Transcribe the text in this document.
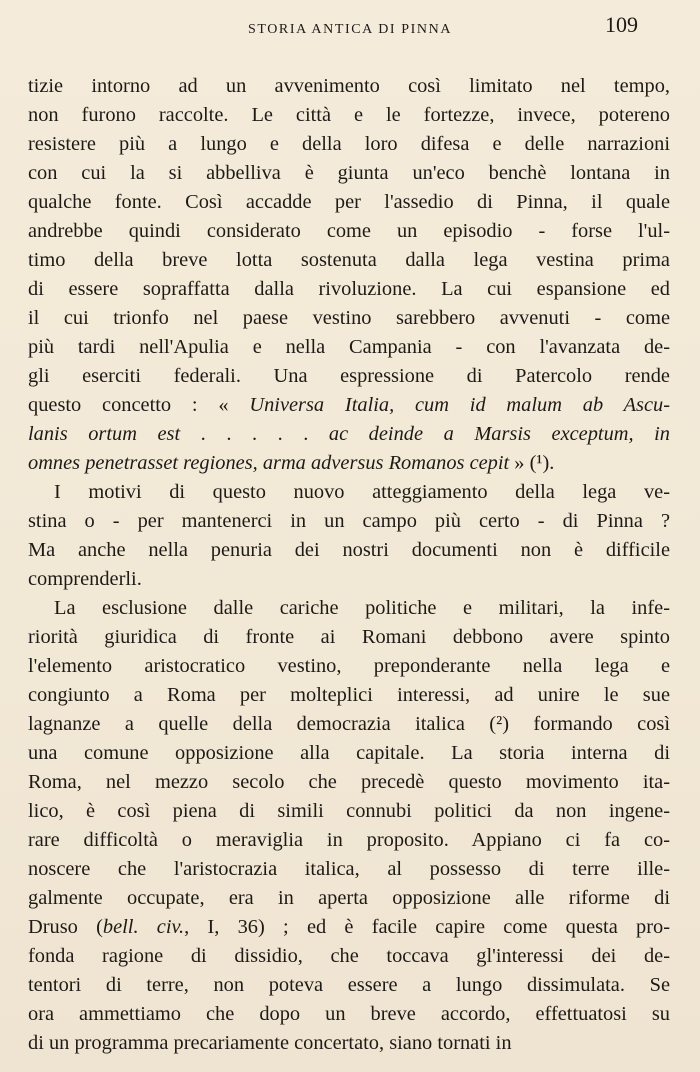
STORIA ANTICA DI PINNA	109
tizie intorno ad un avvenimento così limitato nel tempo,
non furono raccolte. Le città e le fortezze, invece, potereno
resistere più a lungo e della loro difesa e delle narrazioni
con cui la si abbelliva è giunta un'eco benchè lontana in
qualche fonte. Così accadde per l'assedio di Pinna, il quale
andrebbe quindi considerato come un episodio - forse l'ul-
timo della breve lotta sostenuta dalla lega vestina prima
di essere sopraffatta dalla rivoluzione. La cui espansione ed
il cui trionfo nel paese vestino sarebbero avvenuti - come
più tardi nell'Apulia e nella Campania - con l'avanzata de-
gli eserciti federali. Una espressione di Patercolo rende
questo concetto : « Universa Italia, cum id malum ab Ascu-
lanis ortum est . . . . . ac deinde a Marsis exceptum, in
omnes penetrasset regiones, arma adversus Romanos cepit » (¹).
I motivi di questo nuovo atteggiamento della lega ve-
stina o - per mantenerci in un campo più certo - di Pinna ?
Ma anche nella penuria dei nostri documenti non è difficile
comprenderli.
La esclusione dalle cariche politiche e militari, la infe-
riorità giuridica di fronte ai Romani debbono avere spinto
l'elemento aristocratico vestino, preponderante nella lega e
congiunto a Roma per molteplici interessi, ad unire le sue
lagnanze a quelle della democrazia italica (²) formando così
una comune opposizione alla capitale. La storia interna di
Roma, nel mezzo secolo che precedè questo movimento ita-
lico, è così piena di simili connubi politici da non ingene-
rare difficoltà o meraviglia in proposito. Appiano ci fa co-
noscere che l'aristocrazia italica, al possesso di terre ille-
galmente occupate, era in aperta opposizione alle riforme di
Druso (bell. civ., I, 36) ; ed è facile capire come questa pro-
fonda ragione di dissidio, che toccava gl'interessi dei de-
tentori di terre, non poteva essere a lungo dissimulata. Se
ora ammettiamo che dopo un breve accordo, effettuatosi su
di un programma precariamente concertato, siano tornati in
